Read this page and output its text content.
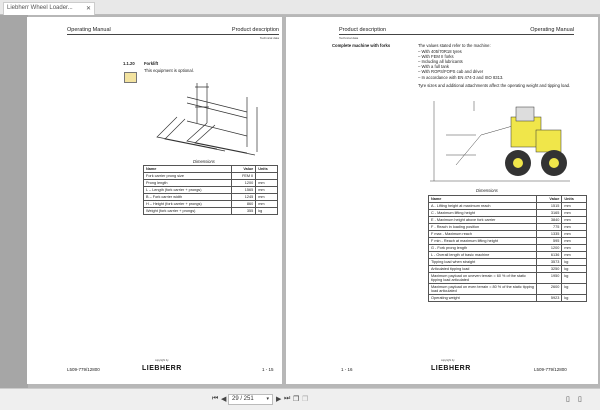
Liebherr Wheel Loader... ✕
Operating Manual	Product description
Technical data
1.1.20 Forklift
This equipment is optional.
Dimensions
Name	Value	Units
Fork carrier prong size	FEM II	
Prong length	1200	mm
L – Length (fork carrier + prongs)	1565	mm
B – Fork carrier width	1245	mm
H – Height (fork carrier + prongs)	860	mm
Weight (fork carrier + prongs)	355	kg
L509-779/12800
copyright by
LIEBHERR	1 - 15
Product description	Operating Manual
Technical data
Complete machine with forks	The values stated refer to the machine:
– With 405/70R18 tyres
– With FEM II forks
– Including all lubricants
– With a full tank
– With ROPS/FOPS cab and driver
– In accordance with EN 474-3 and ISO 8313.
Tyre sizes and additional attachments affect the operating weight and tipping load.
Dimensions
Name	Value	Units
A - Lifting height at maximum reach	1515	mm
C - Maximum lifting height	3165	mm
E - Maximum height above fork carrier	3840	mm
F - Reach in loading position	775	mm
F max - Maximum reach	1335	mm
F min - Reach at maximum lifting height	595	mm
G - Fork prong length	1200	mm
L - Overall length of basic machine	6136	mm
Tipping load when straight	3573	kg
Articulated tipping load	3250	kg
Maximum payload on uneven terrain = 60 % of the static tipping load articulated	1950	kg
Maximum payload on even terrain = 80 % of the static tipping load articulated	2600	kg
Operating weight	5923	kg
1 - 16
copyright by
LIEBHERR	L509-779/12800
⏮ ◀ 29 / 251	▾ ▶ ⏭ ❐ ❐	▯ ▯
